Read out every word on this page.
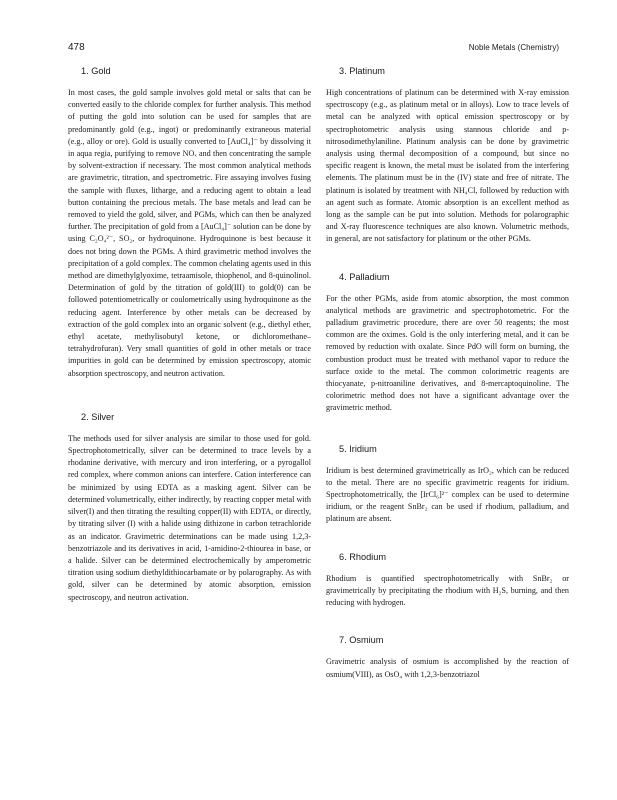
478	Noble Metals (Chemistry)
1. Gold

In most cases, the gold sample involves gold metal or salts that can be converted easily to the chloride complex for further analysis. This method of putting the gold into solution can be used for samples that are predominantly gold (e.g., ingot) or predominantly extraneous material (e.g., alloy or ore). Gold is usually converted to [AuCl₄]⁻ by dissolving it in aqua regia, purifying to remove NOₓ and then concentrating the sample by solvent-extraction if necessary. The most common analytical methods are gravimetric, titration, and spectrometric. Fire assaying involves fusing the sample with fluxes, litharge, and a reducing agent to obtain a lead button containing the precious metals. The base metals and lead can be removed to yield the gold, silver, and PGMs, which can then be analyzed further. The precipitation of gold from a [AuCl₄]⁻ solution can be done by using C₂O₄²⁻, SO₂, or hydroquinone. Hydroquinone is best because it does not bring down the PGMs. A third gravimetric method involves the precipitation of a gold complex. The common chelating agents used in this method are dimethylglyoxime, tetraamisole, thiophenol, and 8-quinolinol. Determination of gold by the titration of gold(III) to gold(0) can be followed potentiometrically or coulometrically using hydroquinone as the reducing agent. Interference by other metals can be decreased by extraction of the gold complex into an organic solvent (e.g., diethyl ether, ethyl acetate, methylisobutyl ketone, or dichloromethane–tetrahydrofuran). Very small quantities of gold in other metals or trace impurities in gold can be determined by emission spectroscopy, atomic absorption spectroscopy, and neutron activation.

2. Silver

The methods used for silver analysis are similar to those used for gold. Spectrophotometrically, silver can be determined to trace levels by a rhodanine derivative, with mercury and iron interfering, or a pyrogallol red complex, where common anions can interfere. Cation interference can be minimized by using EDTA as a masking agent. Silver can be determined volumetrically, either indirectly, by reacting copper metal with silver(I) and then titrating the resulting copper(II) with EDTA, or directly, by titrating silver (I) with a halide using dithizone in carbon tetrachloride as an indicator. Gravimetric determinations can be made using 1,2,3-benzotriazole and its derivatives in acid, 1-amidino-2-thiourea in base, or a halide. Silver can be determined electrochemically by amperometric titration using sodium diethyldithiocarbamate or by polarography. As with gold, silver can be determined by atomic absorption, emission spectroscopy, and neutron activation.

3. Platinum

High concentrations of platinum can be determined with X-ray emission spectroscopy (e.g., as platinum metal or in alloys). Low to trace levels of metal can be analyzed with optical emission spectroscopy or by spectrophotometric analysis using stannous chloride and p-nitrosodimethylaniline. Platinum analysis can be done by gravimetric analysis using thermal decomposition of a compound, but since no specific reagent is known, the metal must be isolated from the interfering elements. The platinum must be in the (IV) state and free of nitrate. The platinum is isolated by treatment with NH₄Cl, followed by reduction with an agent such as formate. Atomic absorption is an excellent method as long as the sample can be put into solution. Methods for polarographic and X-ray fluorescence techniques are also known. Volumetric methods, in general, are not satisfactory for platinum or the other PGMs.

4. Palladium

For the other PGMs, aside from atomic absorption, the most common analytical methods are gravimetric and spectrophotometric. For the palladium gravimetric procedure, there are over 50 reagents; the most common are the oximes. Gold is the only interfering metal, and it can be removed by reduction with oxalate. Since PdO will form on burning, the combustion product must be treated with methanol vapor to reduce the surface oxide to the metal. The common colorimetric reagents are thiocyanate, p-nitroaniline derivatives, and 8-mercaptoquinoline. The colorimetric method does not have a significant advantage over the gravimetric method.

5. Iridium

Iridium is best determined gravimetrically as IrO₂, which can be reduced to the metal. There are no specific gravimetric reagents for iridium. Spectrophotometrically, the [IrCl₆]²⁻ complex can be used to determine iridium, or the reagent SnBr₂ can be used if rhodium, palladium, and platinum are absent.

6. Rhodium

Rhodium is quantified spectrophotometrically with SnBr₂ or gravimetrically by precipitating the rhodium with H₂S, burning, and then reducing with hydrogen.

7. Osmium

Gravimetric analysis of osmium is accomplished by the reaction of osmium(VIII), as OsO₄ with 1,2,3-benzotriazol
